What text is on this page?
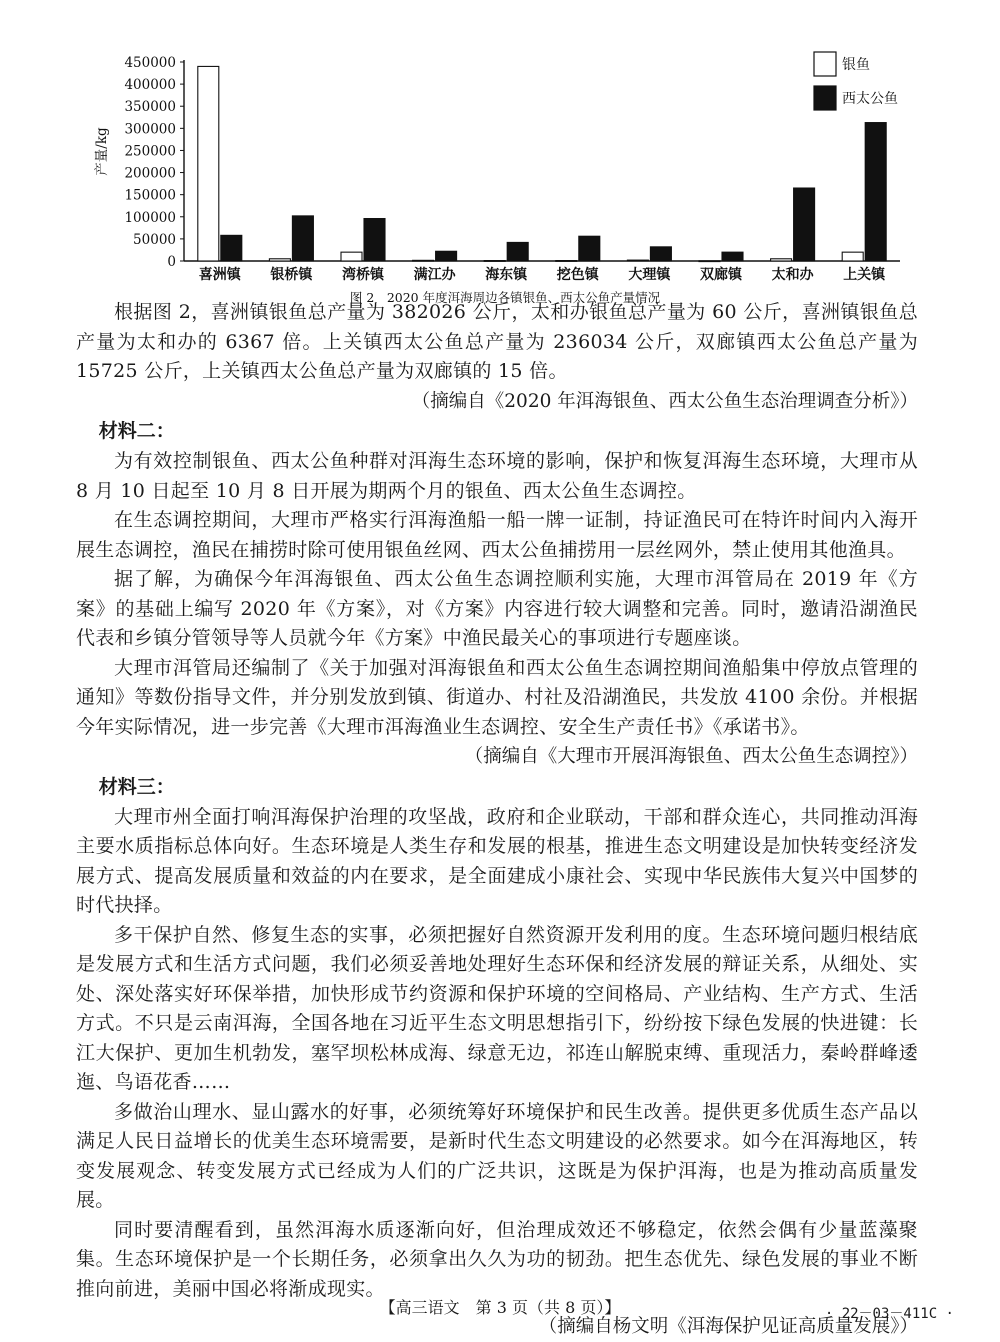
0
50000
100000
150000
200000
250000
300000
350000
400000
450000
产量/kg
喜洲镇 银桥镇 湾桥镇 满江办 海东镇 挖色镇 大理镇 双廊镇 太和办 上关镇
银鱼
西太公鱼
图 2　2020 年度洱海周边各镇银鱼、西太公鱼产量情况

根据图 2，喜洲镇银鱼总产量为 382026 公斤，太和办银鱼总产量为 60 公斤，喜洲镇银鱼总产量为太和办的 6367 倍。上关镇西太公鱼总产量为 236034 公斤，双廊镇西太公鱼总产量为 15725 公斤，上关镇西太公鱼总产量为双廊镇的 15 倍。

（摘编自《2020 年洱海银鱼、西太公鱼生态治理调查分析》）

材料二：

为有效控制银鱼、西太公鱼种群对洱海生态环境的影响，保护和恢复洱海生态环境，大理市从 8 月 10 日起至 10 月 8 日开展为期两个月的银鱼、西太公鱼生态调控。

在生态调控期间，大理市严格实行洱海渔船一船一牌一证制，持证渔民可在特许时间内入海开展生态调控，渔民在捕捞时除可使用银鱼丝网、西太公鱼捕捞用一层丝网外，禁止使用其他渔具。

据了解，为确保今年洱海银鱼、西太公鱼生态调控顺利实施，大理市洱管局在 2019 年《方案》的基础上编写 2020 年《方案》，对《方案》内容进行较大调整和完善。同时，邀请沿湖渔民代表和乡镇分管领导等人员就今年《方案》中渔民最关心的事项进行专题座谈。

大理市洱管局还编制了《关于加强对洱海银鱼和西太公鱼生态调控期间渔船集中停放点管理的通知》等数份指导文件，并分别发放到镇、街道办、村社及沿湖渔民，共发放 4100 余份。并根据今年实际情况，进一步完善《大理市洱海渔业生态调控、安全生产责任书》《承诺书》。

（摘编自《大理市开展洱海银鱼、西太公鱼生态调控》）

材料三：

大理市州全面打响洱海保护治理的攻坚战，政府和企业联动，干部和群众连心，共同推动洱海主要水质指标总体向好。生态环境是人类生存和发展的根基，推进生态文明建设是加快转变经济发展方式、提高发展质量和效益的内在要求，是全面建成小康社会、实现中华民族伟大复兴中国梦的时代抉择。

多干保护自然、修复生态的实事，必须把握好自然资源开发利用的度。生态环境问题归根结底是发展方式和生活方式问题，我们必须妥善地处理好生态环保和经济发展的辩证关系，从细处、实处、深处落实好环保举措，加快形成节约资源和保护环境的空间格局、产业结构、生产方式、生活方式。不只是云南洱海，全国各地在习近平生态文明思想指引下，纷纷按下绿色发展的快进键：长江大保护、更加生机勃发，塞罕坝松林成海、绿意无边，祁连山解脱束缚、重现活力，秦岭群峰逶迤、鸟语花香……

多做治山理水、显山露水的好事，必须统筹好环境保护和民生改善。提供更多优质生态产品以满足人民日益增长的优美生态环境需要，是新时代生态文明建设的必然要求。如今在洱海地区，转变发展观念、转变发展方式已经成为人们的广泛共识，这既是为保护洱海，也是为推动高质量发展。

同时要清醒看到，虽然洱海水质逐渐向好，但治理成效还不够稳定，依然会偶有少量蓝藻聚集。生态环境保护是一个长期任务，必须拿出久久为功的韧劲。把生态优先、绿色发展的事业不断推向前进，美丽中国必将渐成现实。

（摘编自杨文明《洱海保护见证高质量发展》）

【高三语文　第 3 页（共 8 页）】	· 22－03－411C ·
